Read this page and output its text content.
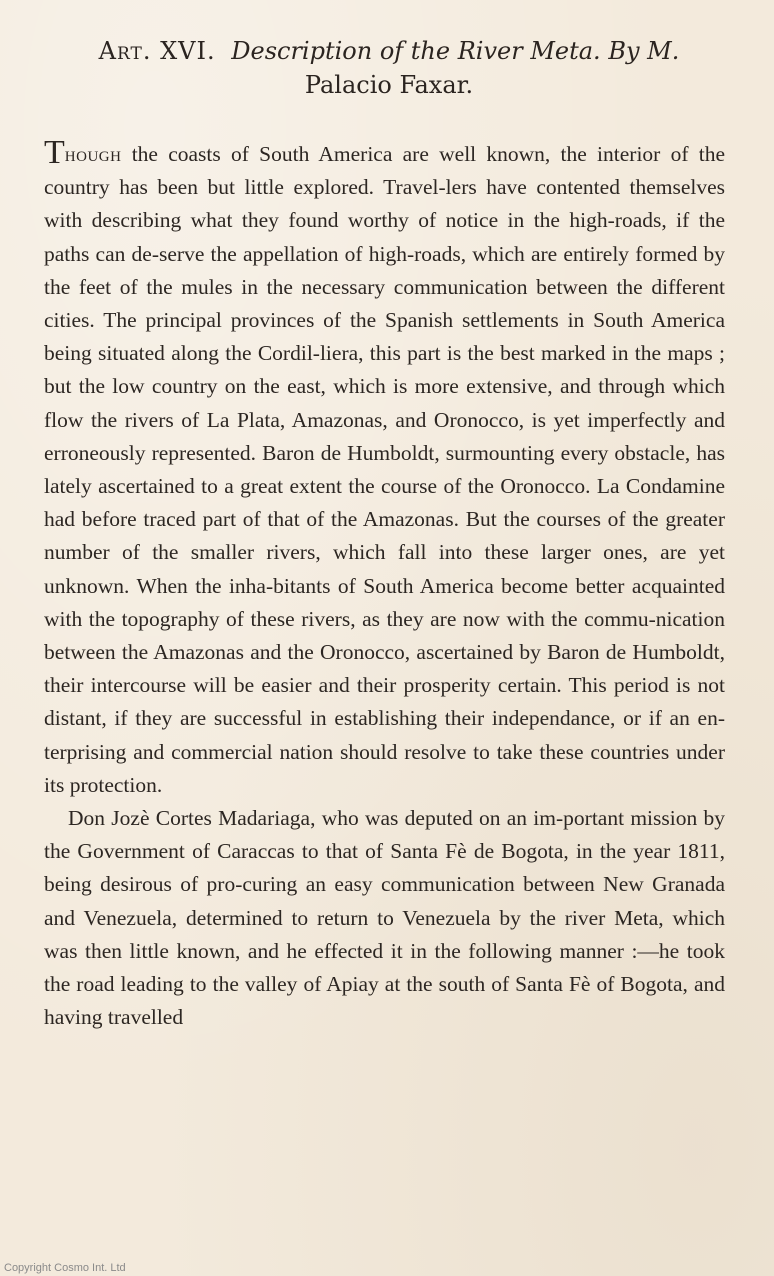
Art. XVI. Description of the River Meta. By M.
Palacio Faxar.

Though the coasts of South America are well known, the interior of the country has been but little explored. Travel-lers have contented themselves with describing what they found worthy of notice in the high-roads, if the paths can de-serve the appellation of high-roads, which are entirely formed by the feet of the mules in the necessary communication between the different cities. The principal provinces of the Spanish settlements in South America being situated along the Cordil-liera, this part is the best marked in the maps ; but the low country on the east, which is more extensive, and through which flow the rivers of La Plata, Amazonas, and Oronocco, is yet imperfectly and erroneously represented. Baron de Humboldt, surmounting every obstacle, has lately ascertained to a great extent the course of the Oronocco. La Condamine had before traced part of that of the Amazonas. But the courses of the greater number of the smaller rivers, which fall into these larger ones, are yet unknown. When the inha-bitants of South America become better acquainted with the topography of these rivers, as they are now with the commu-nication between the Amazonas and the Oronocco, ascertained by Baron de Humboldt, their intercourse will be easier and their prosperity certain. This period is not distant, if they are successful in establishing their independance, or if an en-terprising and commercial nation should resolve to take these countries under its protection.

Don Jozè Cortes Madariaga, who was deputed on an im-portant mission by the Government of Caraccas to that of Santa Fè de Bogota, in the year 1811, being desirous of pro-curing an easy communication between New Granada and Venezuela, determined to return to Venezuela by the river Meta, which was then little known, and he effected it in the following manner :—he took the road leading to the valley of Apiay at the south of Santa Fè of Bogota, and having travelled

Copyright Cosmo Int. Ltd
